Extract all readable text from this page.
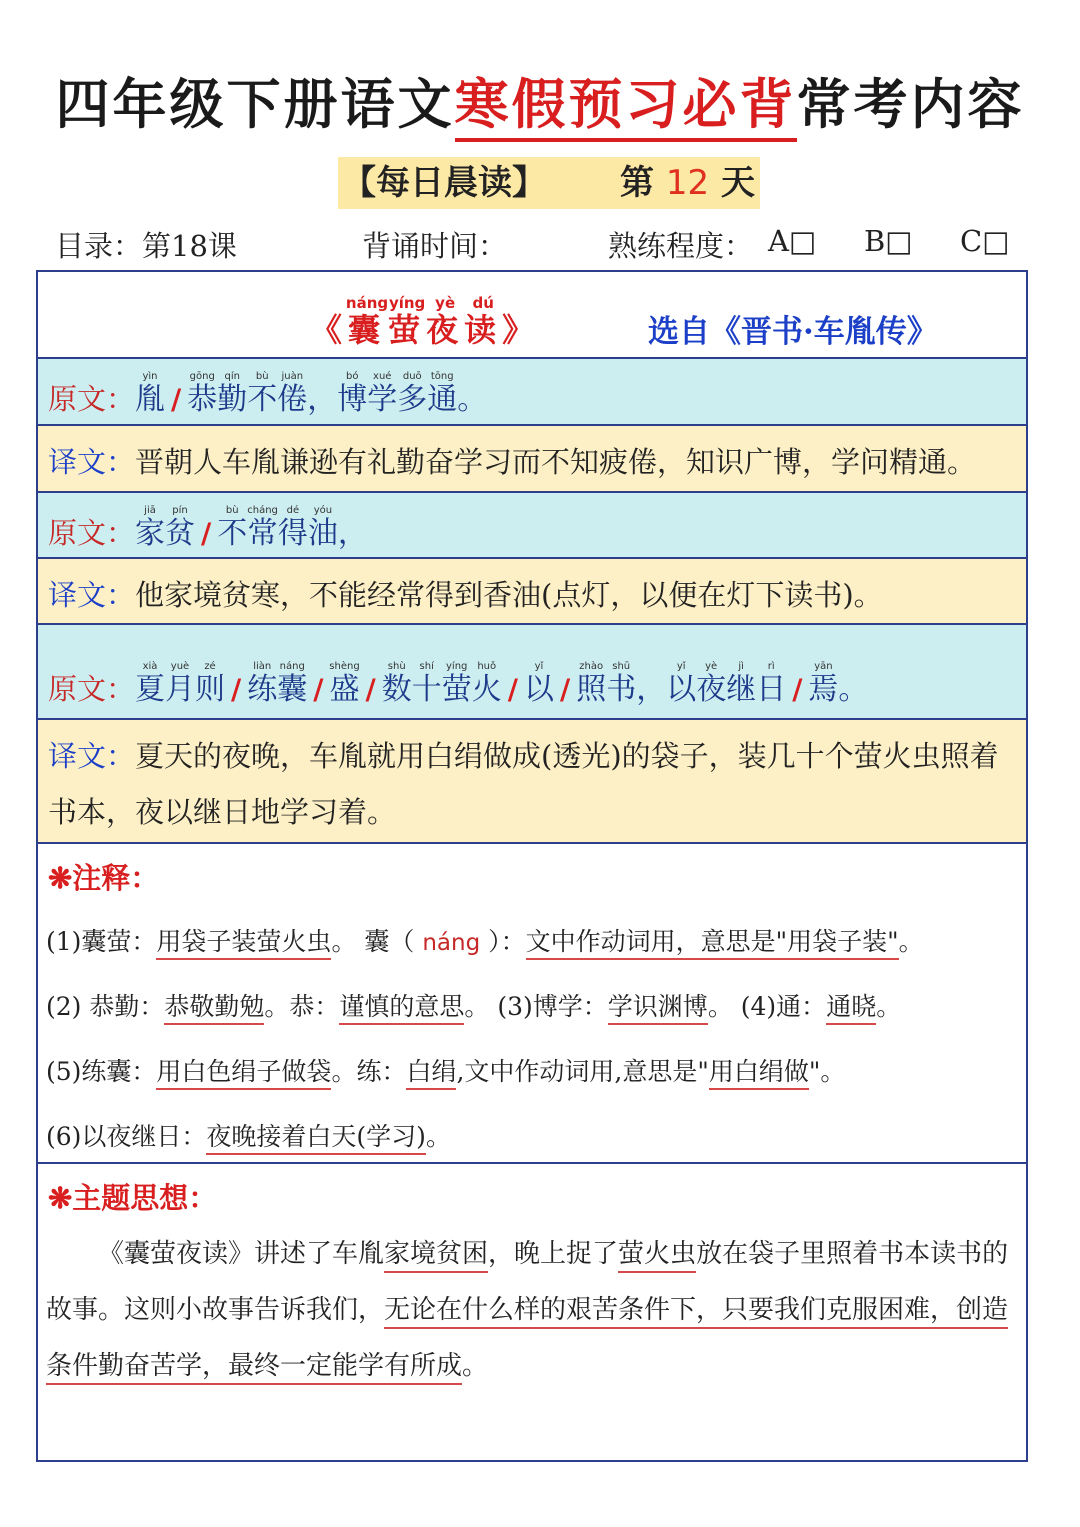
四年级下册语文寒假预习必背常考内容
【每日晨读】 第 12 天
目录：第18课	背诵时间：	熟练程度： A□ B□ C□
《囊náng萤yíng夜yè读dú》	选自《晋书·车胤传》
原文：胤yìn/ 恭gōng勤qín不bù倦juàn，博bó学xué多duō通tōng。
译文：晋朝人车胤谦逊有礼勤奋学习而不知疲倦，知识广博，学问精通。
原文：家jiā贫pín/ 不bù常cháng得dé油yóu，
译文：他家境贫寒，不能经常得到香油(点灯，以便在灯下读书)。
原文：夏xià月yuè则zé/ 练liàn囊náng/ 盛shèng/ 数shù十shí萤yíng火huǒ/ 以yǐ/ 照zhào书shū，以yǐ夜yè继jì日rì/ 焉yān。
译文：夏天的夜晚，车胤就用白绢做成(透光)的袋子，装几十个萤火虫照着书本，夜以继日地学习着。
❋注释：
(1)囊萤：用袋子装萤火虫。 囊（ náng ）：文中作动词用，意思是"用袋子装"。
(2) 恭勤：恭敬勤勉。恭：谨慎的意思。 (3)博学：学识渊博。 (4)通：通晓。
(5)练囊：用白色绢子做袋。练：白绢,文中作动词用,意思是"用白绢做"。
(6)以夜继日：夜晚接着白天(学习)。
❋主题思想：
《囊萤夜读》讲述了车胤家境贫困，晚上捉了萤火虫放在袋子里照着书本读书的故事。这则小故事告诉我们，无论在什么样的艰苦条件下，只要我们克服困难，创造条件勤奋苦学，最终一定能学有所成。
